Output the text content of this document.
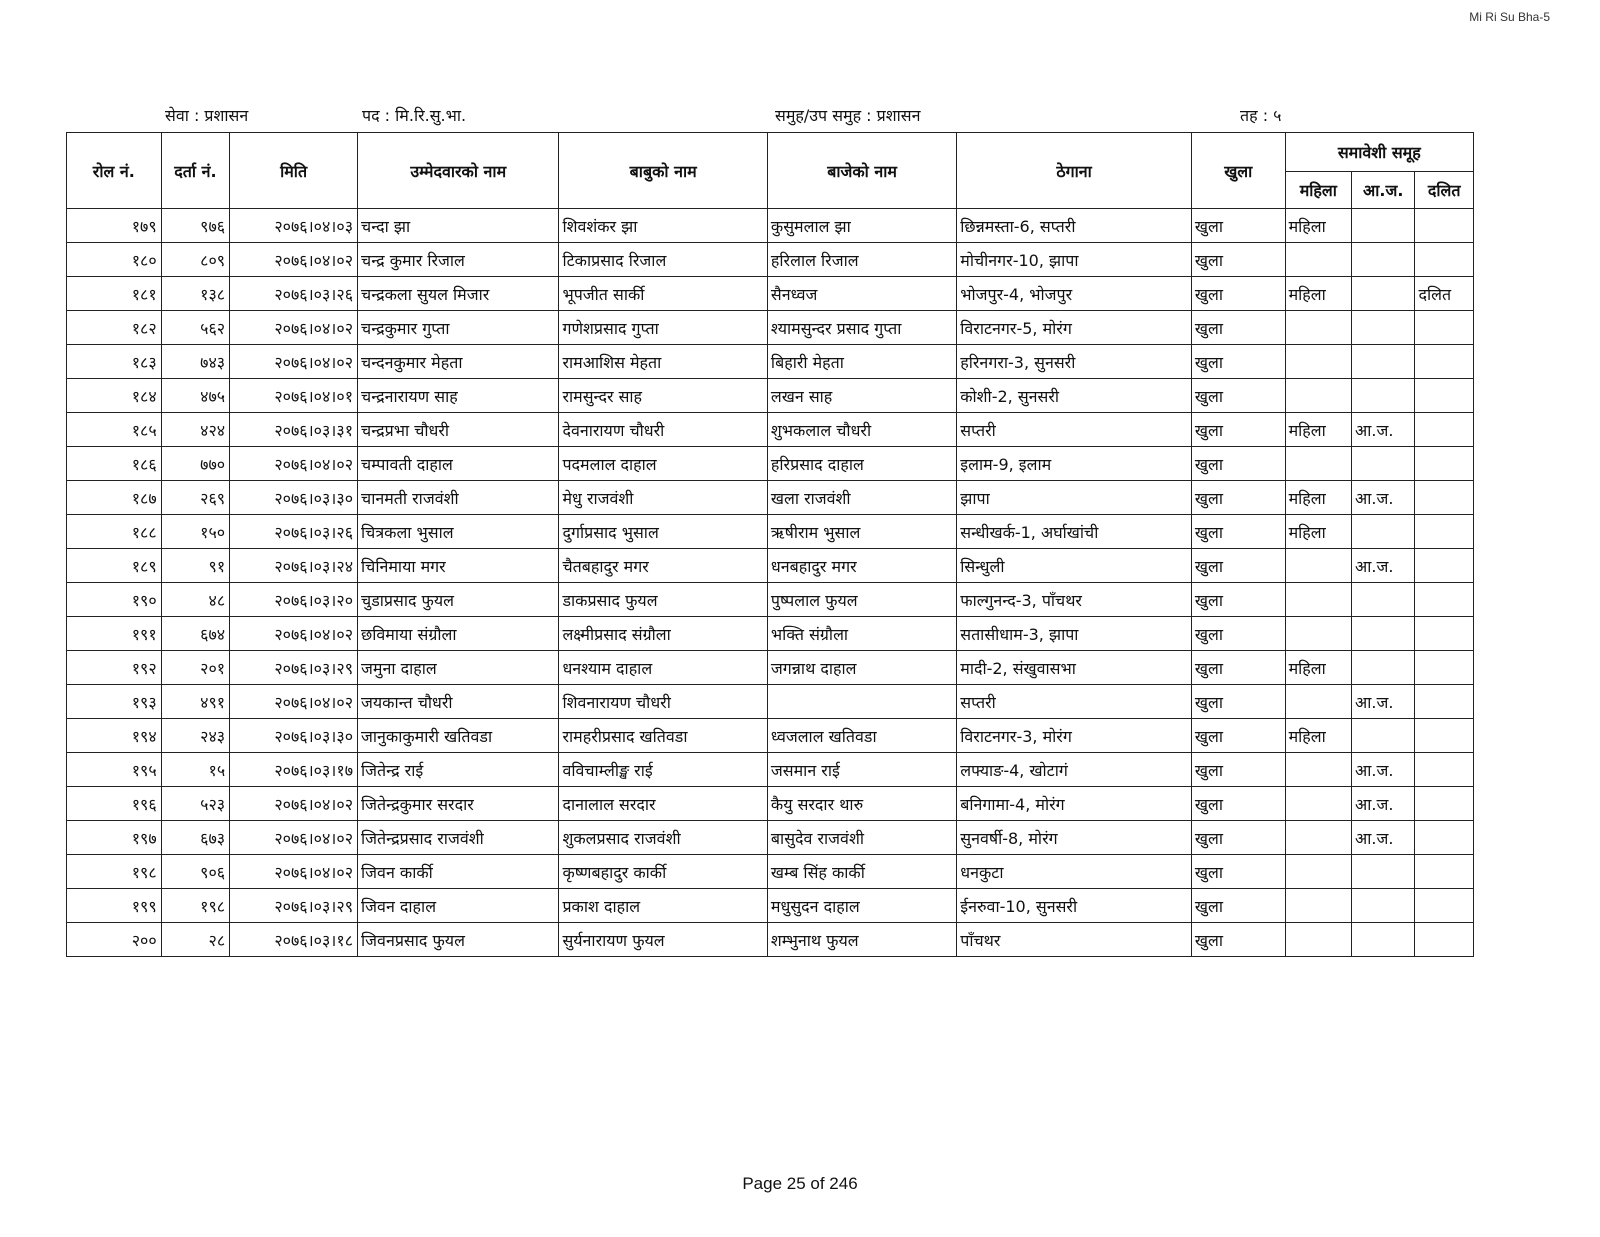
Mi Ri Su Bha-5
सेवा : प्रशासन	पद : मि.रि.सु.भा.	समुह/उप समुह : प्रशासन	तह : ५
रोल नं.	दर्ता नं.	मिति	उम्मेदवारको नाम	बाबुको नाम	बाजेको नाम	ठेगाना	खुला	समावेशी समूह		
								महिला	आ.ज.	दलित
१७९	९७६	२०७६।०४।०३	चन्दा झा	शिवशंकर झा	कुसुमलाल झा	छिन्नमस्ता-6, सप्तरी	खुला	महिला		
१८०	८०९	२०७६।०४।०२	चन्द्र कुमार रिजाल	टिकाप्रसाद रिजाल	हरिलाल रिजाल	मोचीनगर-10, झापा	खुला			
१८१	१३८	२०७६।०३।२६	चन्द्रकला सुयल मिजार	भूपजीत सार्की	सैनध्वज	भोजपुर-4, भोजपुर	खुला	महिला		दलित
१८२	५६२	२०७६।०४।०२	चन्द्रकुमार गुप्ता	गणेशप्रसाद गुप्ता	श्यामसुन्दर प्रसाद गुप्ता	विराटनगर-5, मोरंग	खुला			
१८३	७४३	२०७६।०४।०२	चन्दनकुमार मेहता	रामआशिस मेहता	बिहारी मेहता	हरिनगरा-3, सुनसरी	खुला			
१८४	४७५	२०७६।०४।०१	चन्द्रनारायण साह	रामसुन्दर साह	लखन साह	कोशी-2, सुनसरी	खुला			
१८५	४२४	२०७६।०३।३१	चन्द्रप्रभा चौधरी	देवनारायण चौधरी	शुभकलाल चौधरी	सप्तरी	खुला	महिला	आ.ज.	
१८६	७७०	२०७६।०४।०२	चम्पावती दाहाल	पदमलाल दाहाल	हरिप्रसाद दाहाल	इलाम-9, इलाम	खुला			
१८७	२६९	२०७६।०३।३०	चानमती राजवंशी	मेधु राजवंशी	खला राजवंशी	झापा	खुला	महिला	आ.ज.	
१८८	१५०	२०७६।०३।२६	चित्रकला भुसाल	दुर्गाप्रसाद भुसाल	ऋषीराम भुसाल	सन्धीखर्क-1, अर्घाखांची	खुला	महिला		
१८९	९१	२०७६।०३।२४	चिनिमाया मगर	चैतबहादुर मगर	धनबहादुर मगर	सिन्धुली	खुला		आ.ज.	
१९०	४८	२०७६।०३।२०	चुडाप्रसाद फुयल	डाकप्रसाद फुयल	पुष्पलाल फुयल	फाल्गुनन्द-3, पाँचथर	खुला			
१९१	६७४	२०७६।०४।०२	छविमाया संग्रौला	लक्ष्मीप्रसाद संग्रौला	भक्ति संग्रौला	सतासीधाम-3, झापा	खुला			
१९२	२०१	२०७६।०३।२९	जमुना दाहाल	धनश्याम दाहाल	जगन्नाथ दाहाल	मादी-2, संखुवासभा	खुला	महिला		
१९३	४९१	२०७६।०४।०२	जयकान्त चौधरी	शिवनारायण चौधरी		सप्तरी	खुला		आ.ज.	
१९४	२४३	२०७६।०३।३०	जानुकाकुमारी खतिवडा	रामहरीप्रसाद खतिवडा	ध्वजलाल खतिवडा	विराटनगर-3, मोरंग	खुला	महिला		
१९५	१५	२०७६।०३।१७	जितेन्द्र राई	वविचाम्लीङ्ख राई	जसमान राई	लफ्याङ-4, खोटागं	खुला		आ.ज.	
१९६	५२३	२०७६।०४।०२	जितेन्द्रकुमार सरदार	दानालाल सरदार	कैयु सरदार थारु	बनिगामा-4, मोरंग	खुला		आ.ज.	
१९७	६७३	२०७६।०४।०२	जितेन्द्रप्रसाद राजवंशी	शुकलप्रसाद राजवंशी	बासुदेव राजवंशी	सुनवर्षी-8, मोरंग	खुला		आ.ज.	
१९८	९०६	२०७६।०४।०२	जिवन कार्की	कृष्णबहादुर कार्की	खम्ब सिंह कार्की	धनकुटा	खुला			
१९९	१९८	२०७६।०३।२९	जिवन दाहाल	प्रकाश दाहाल	मधुसुदन दाहाल	ईनरुवा-10, सुनसरी	खुला			
२००	२८	२०७६।०३।१८	जिवनप्रसाद फुयल	सुर्यनारायण फुयल	शम्भुनाथ फुयल	पाँचथर	खुला			
Page 25 of 246
